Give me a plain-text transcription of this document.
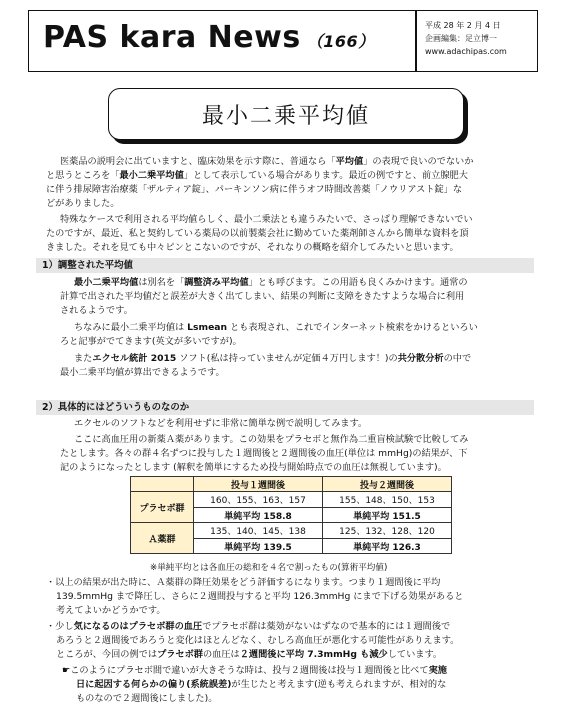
PAS kara News （166）
平成 28 年 2 月 4 日
企画編集：足立博一
www.adachipas.com
最小二乗平均値
医薬品の説明会に出ていますと、臨床効果を示す際に、普通なら「平均値」の表現で良いのでないか
と思うところを「最小二乗平均値」として表示している場合があります。最近の例ですと、前立腺肥大
に伴う排尿障害治療薬「ザルティア錠」、パーキンソン病に伴うオフ時間改善薬「ノウリアスト錠」な
どがありました。
特殊なケースで利用される平均値らしく、最小二乗法とも違うみたいで、さっぱり理解できないでい
たのですが、最近、私と契約している薬局の以前製薬会社に勤めていた薬剤師さんから簡単な資料を頂
きました。それを見ても中々ピンとこないのですが、それなりの概略を紹介してみたいと思います。
1）調整された平均値
最小二乗平均値は別名を「調整済み平均値」とも呼びます。この用語も良くみかけます。通常の
計算で出された平均値だと誤差が大きく出てしまい、結果の判断に支障をきたすような場合に利用
されるようです。
ちなみに最小二乗平均値は Lsmean とも表現され、これでインターネット検索をかけるといろい
ろと記事がでてきます(英文が多いですが)。
またエクセル統計 2015 ソフト(私は持っていませんが定価４万円します！)の共分散分析の中で
最小二乗平均値が算出できるようです。
2）具体的にはどういうものなのか
エクセルのソフトなどを利用せずに非常に簡単な例で説明してみます。
ここに高血圧用の新薬Ａ薬があります。この効果をプラセボと無作為二重盲検試験で比較してみ
たとします。各々の群４名ずつに投与した１週間後と２週間後の血圧(単位は mmHg)の結果が、下
記のようになったとします (解釈を簡単にするため投与開始時点での血圧は無視しています)。
	投与１週間後	投与２週間後
プラセボ群	160、155、163、157	155、148、150、153
	単純平均 158.8	単純平均 151.5
Ａ薬群	135、140、145、138	125、132、128、120
	単純平均 139.5	単純平均 126.3
※単純平均とは各血圧の総和を４名で割ったもの(算術平均値)
・以上の結果が出た時に、Ａ薬群の降圧効果をどう評価するになります。つまり１週間後に平均
139.5mmHg まで降圧し、さらに２週間投与すると平均 126.3mmHg にまで下げる効果があると
考えてよいかどうかです。
・少し気になるのはプラセボ群の血圧でプラセボ群は薬効がないはずなので基本的には１週間後で
あろうと２週間後であろうと変化はほとんどなく、むしろ高血圧が悪化する可能性がありえます。
ところが、今回の例ではプラセボ群の血圧は２週間後に平均 7.3mmHg も減少しています。
☛このようにプラセボ間で違いが大きそうな時は、投与２週間後は投与１週間後と比べて実施
日に起因する何らかの偏り(系統誤差)が生じたと考えます(逆も考えられますが、相対的な
ものなので２週間後にしました)。
